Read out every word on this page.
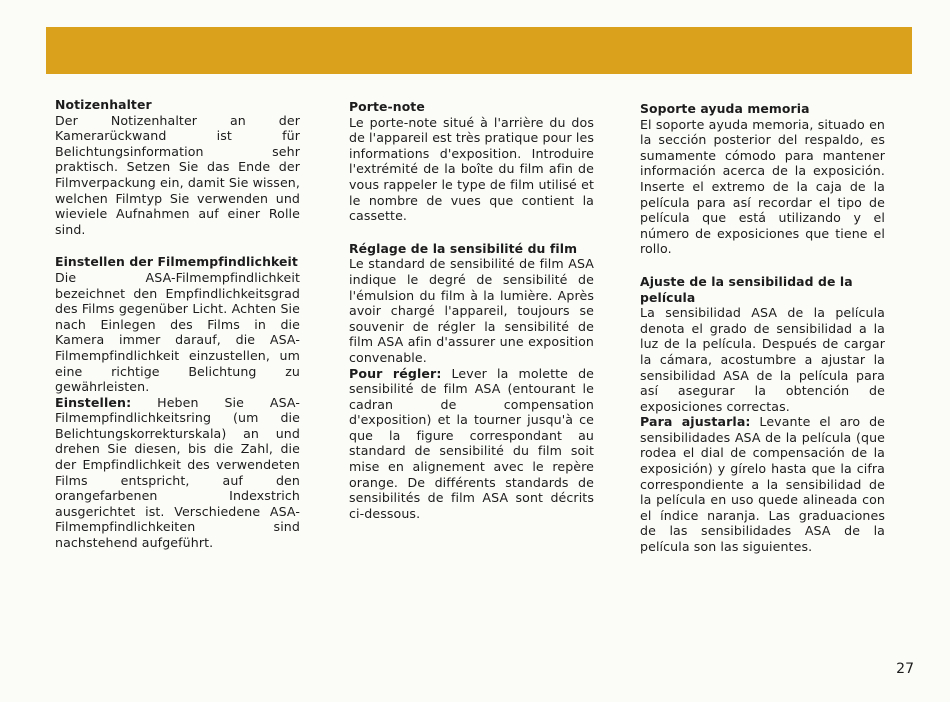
Notizenhalter

Der Notizenhalter an der Kamerarückwand ist für Belichtungsinformation sehr praktisch. Setzen Sie das Ende der Filmverpackung ein, damit Sie wissen, welchen Filmtyp Sie verwenden und wieviele Aufnahmen auf einer Rolle sind.

Einstellen der Filmempfindlichkeit

Die ASA-Filmempfindlichkeit bezeichnet den Empfindlichkeitsgrad des Films gegenüber Licht. Achten Sie nach Einlegen des Films in die Kamera immer darauf, die ASA-Filmempfindlichkeit einzustellen, um eine richtige Belichtung zu gewährleisten.

Einstellen: Heben Sie ASA-Filmempfindlichkeitsring (um die Belichtungskorrekturskala) an und drehen Sie diesen, bis die Zahl, die der Empfindlichkeit des verwendeten Films entspricht, auf den orangefarbenen Indexstrich ausgerichtet ist. Verschiedene ASA-Filmempfindlichkeiten sind nachstehend aufgeführt.

Porte-note

Le porte-note situé à l'arrière du dos de l'appareil est très pratique pour les informations d'exposition. Introduire l'extrémité de la boîte du film afin de vous rappeler le type de film utilisé et le nombre de vues que contient la cassette.

Réglage de la sensibilité du film

Le standard de sensibilité de film ASA indique le degré de sensibilité de l'émulsion du film à la lumière. Après avoir chargé l'appareil, toujours se souvenir de régler la sensibilité de film ASA afin d'assurer une exposition convenable.

Pour régler: Lever la molette de sensibilité de film ASA (entourant le cadran de compensation d'exposition) et la tourner jusqu'à ce que la figure correspondant au standard de sensibilité du film soit mise en alignement avec le repère orange. De différents standards de sensibilités de film ASA sont décrits ci-dessous.

Soporte ayuda memoria

El soporte ayuda memoria, situado en la sección posterior del respaldo, es sumamente cómodo para mantener información acerca de la exposición. Inserte el extremo de la caja de la película para así recordar el tipo de película que está utilizando y el número de exposiciones que tiene el rollo.

Ajuste de la sensibilidad de la película

La sensibilidad ASA de la película denota el grado de sensibilidad a la luz de la película. Después de cargar la cámara, acostumbre a ajustar la sensibilidad ASA de la película para así asegurar la obtención de exposiciones correctas.

Para ajustarla: Levante el aro de sensibilidades ASA de la película (que rodea el dial de compensación de la exposición) y gírelo hasta que la cifra correspondiente a la sensibilidad de la película en uso quede alineada con el índice naranja. Las graduaciones de las sensibilidades ASA de la película son las siguientes.

27
